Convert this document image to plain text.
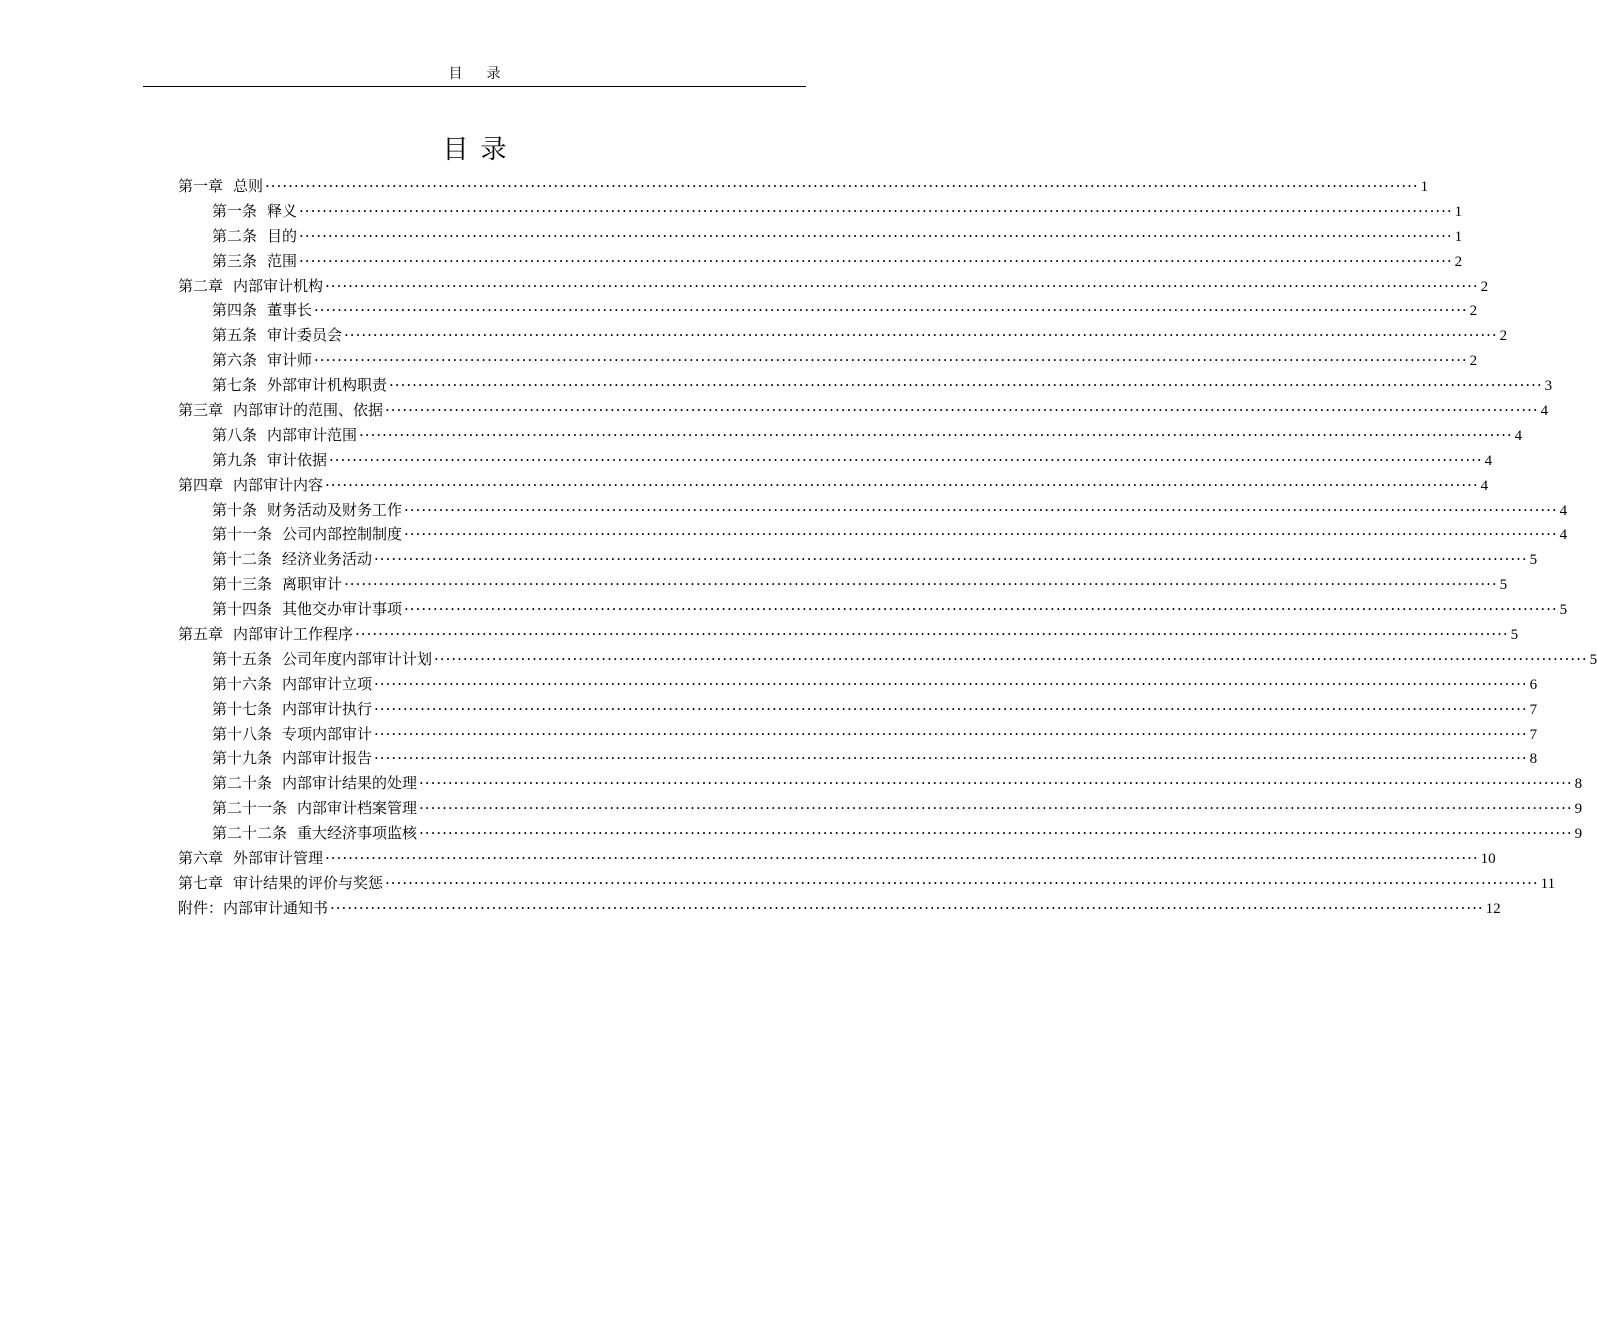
目录
目录
第一章 总则 ········································································································································································································ 1
第一条 释义 ········································································································································································································ 1
第二条 目的 ········································································································································································································ 1
第三条 范围 ········································································································································································································ 2
第二章 内部审计机构 ········································································································································································································ 2
第四条 董事长 ········································································································································································································ 2
第五条 审计委员会 ········································································································································································································ 2
第六条 审计师 ········································································································································································································ 2
第七条 外部审计机构职责 ········································································································································································································ 3
第三章 内部审计的范围、依据 ········································································································································································································ 4
第八条 内部审计范围 ········································································································································································································ 4
第九条 审计依据 ········································································································································································································ 4
第四章 内部审计内容 ········································································································································································································ 4
第十条 财务活动及财务工作 ········································································································································································································ 4
第十一条 公司内部控制制度 ········································································································································································································ 4
第十二条 经济业务活动 ········································································································································································································ 5
第十三条 离职审计 ········································································································································································································ 5
第十四条 其他交办审计事项 ········································································································································································································ 5
第五章 内部审计工作程序 ········································································································································································································ 5
第十五条 公司年度内部审计计划 ········································································································································································································ 5
第十六条 内部审计立项 ········································································································································································································ 6
第十七条 内部审计执行 ········································································································································································································ 7
第十八条 专项内部审计 ········································································································································································································ 7
第十九条 内部审计报告 ········································································································································································································ 8
第二十条 内部审计结果的处理 ········································································································································································································ 8
第二十一条 内部审计档案管理 ········································································································································································································ 9
第二十二条 重大经济事项监核 ········································································································································································································ 9
第六章 外部审计管理 ········································································································································································································ 10
第七章 审计结果的评价与奖惩 ········································································································································································································ 11
附件：内部审计通知书 ········································································································································································································ 12
